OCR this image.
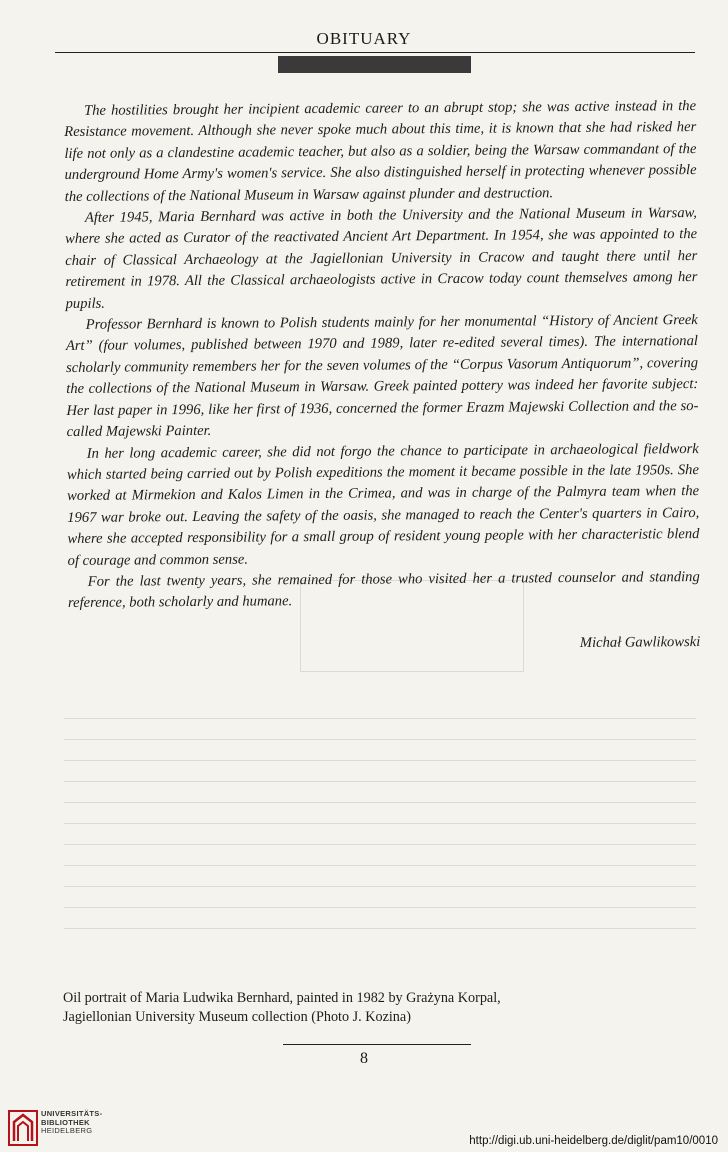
OBITUARY

The hostilities brought her incipient academic career to an abrupt stop; she was active instead in the Resistance movement. Although she never spoke much about this time, it is known that she had risked her life not only as a clandestine academic teacher, but also as a soldier, being the Warsaw commandant of the underground Home Army's women's service. She also distinguished herself in protecting whenever possible the collections of the National Museum in Warsaw against plunder and destruction.

After 1945, Maria Bernhard was active in both the University and the National Museum in Warsaw, where she acted as Curator of the reactivated Ancient Art Department. In 1954, she was appointed to the chair of Classical Archaeology at the Jagiellonian University in Cracow and taught there until her retirement in 1978. All the Classical archaeologists active in Cracow today count themselves among her pupils.

Professor Bernhard is known to Polish students mainly for her monumental “History of Ancient Greek Art” (four volumes, published between 1970 and 1989, later re-edited several times). The international scholarly community remembers her for the seven volumes of the “Corpus Vasorum Antiquorum”, covering the collections of the National Museum in Warsaw. Greek painted pottery was indeed her favorite subject: Her last paper in 1996, like her first of 1936, concerned the former Erazm Majewski Collection and the so-called Majewski Painter.

In her long academic career, she did not forgo the chance to participate in archaeological fieldwork which started being carried out by Polish expeditions the moment it became possible in the late 1950s. She worked at Mirmekion and Kalos Limen in the Crimea, and was in charge of the Palmyra team when the 1967 war broke out. Leaving the safety of the oasis, she managed to reach the Center's quarters in Cairo, where she accepted responsibility for a small group of resident young people with her characteristic blend of courage and common sense.

For the last twenty years, she remained for those who visited her a trusted counselor and standing reference, both scholarly and humane.

Michał Gawlikowski
Oil portrait of Maria Ludwika Bernhard, painted in 1982 by Grażyna Korpal,
Jagiellonian University Museum collection (Photo J. Kozina)
8
UNIVERSITÄTS-
BIBLIOTHEK
HEIDELBERG
http://digi.ub.uni-heidelberg.de/diglit/pam10/0010
